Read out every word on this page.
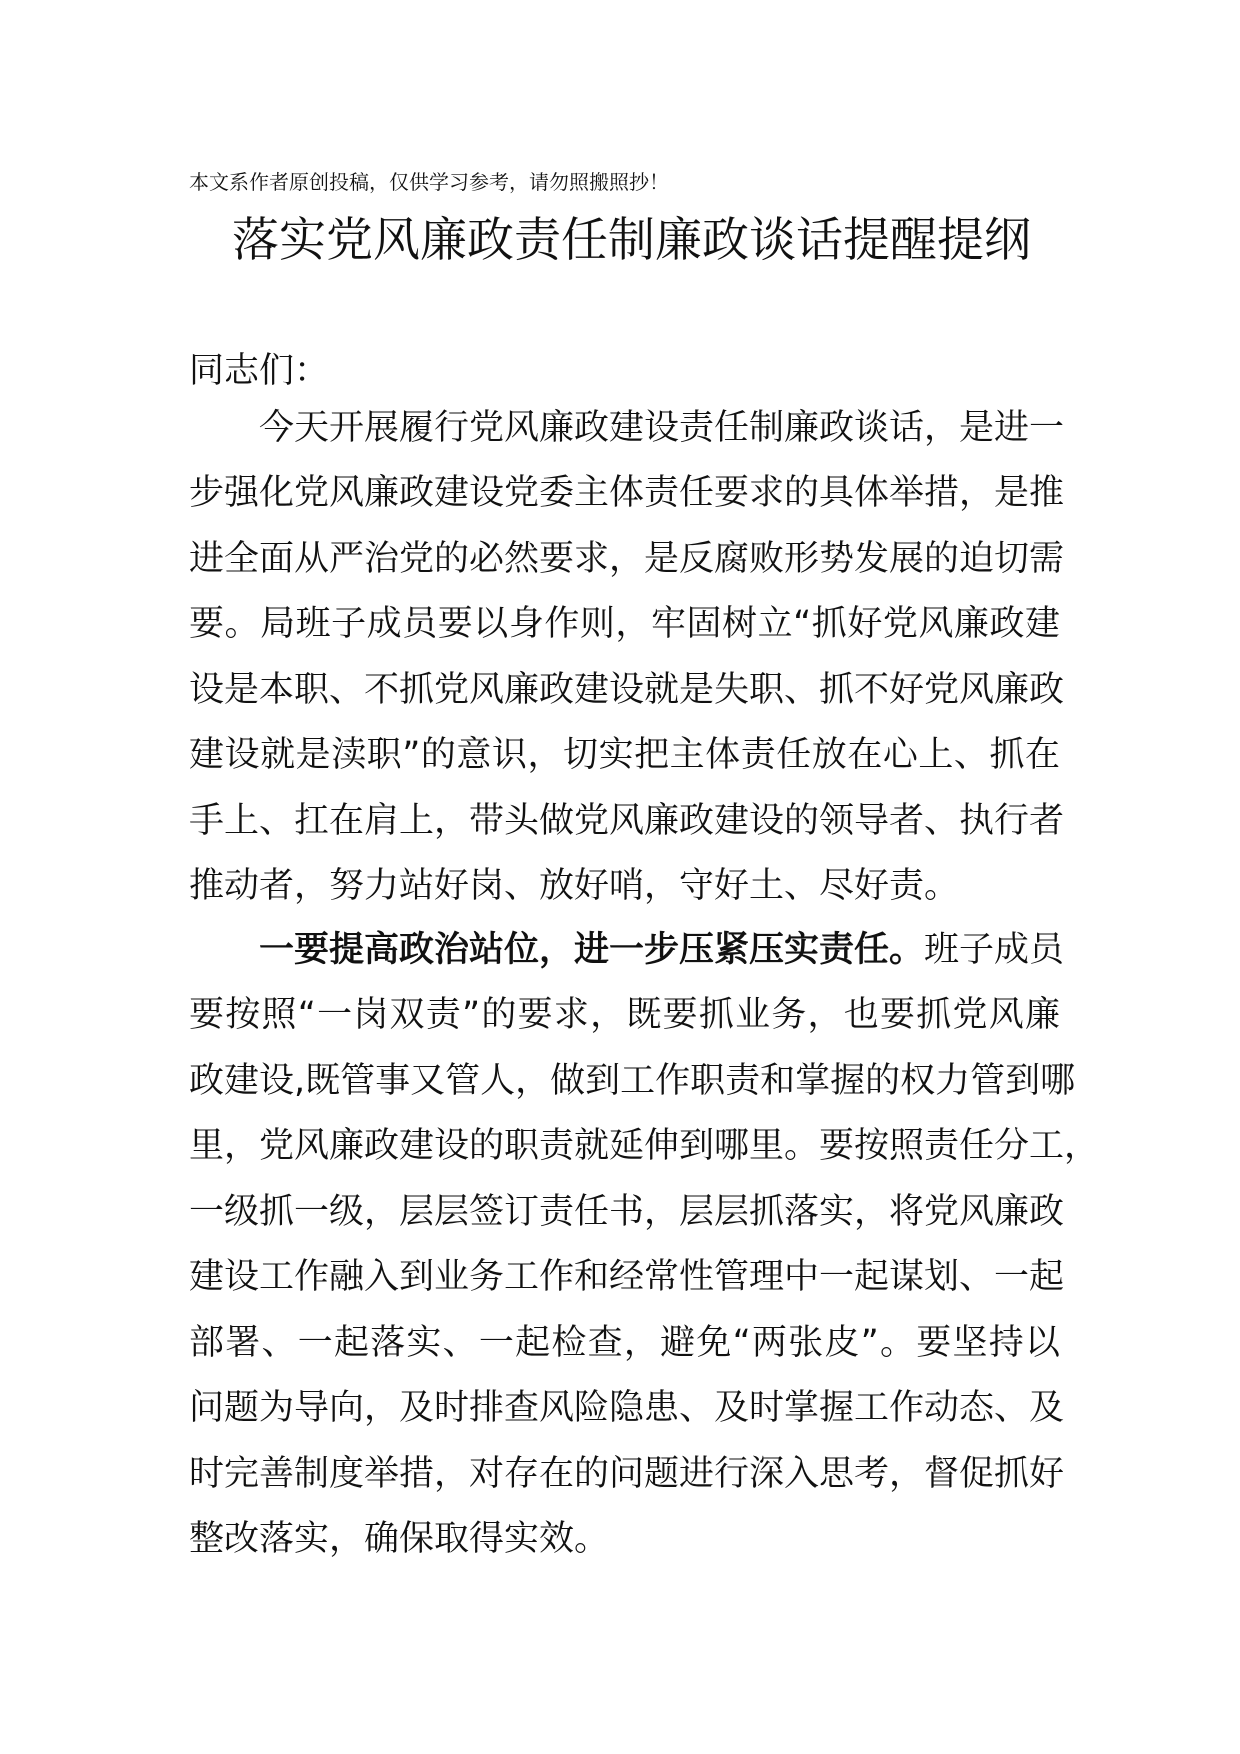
本文系作者原创投稿，仅供学习参考，请勿照搬照抄！
落实党风廉政责任制廉政谈话提醒提纲
同志们：
今天开展履行党风廉政建设责任制廉政谈话，是进一
步强化党风廉政建设党委主体责任要求的具体举措，是推
进全面从严治党的必然要求，是反腐败形势发展的迫切需
要。局班子成员要以身作则，牢固树立“抓好党风廉政建
设是本职、不抓党风廉政建设就是失职、抓不好党风廉政
建设就是渎职”的意识，切实把主体责任放在心上、抓在
手上、扛在肩上，带头做党风廉政建设的领导者、执行者
推动者，努力站好岗、放好哨，守好土、尽好责。
一要提高政治站位，进一步压紧压实责任。班子成员
要按照“一岗双责”的要求，既要抓业务，也要抓党风廉
政建设,既管事又管人，做到工作职责和掌握的权力管到哪
里，党风廉政建设的职责就延伸到哪里。要按照责任分工，
一级抓一级，层层签订责任书，层层抓落实，将党风廉政
建设工作融入到业务工作和经常性管理中一起谋划、一起
部署、一起落实、一起检查，避免“两张皮”。要坚持以
问题为导向，及时排查风险隐患、及时掌握工作动态、及
时完善制度举措，对存在的问题进行深入思考，督促抓好
整改落实，确保取得实效。
